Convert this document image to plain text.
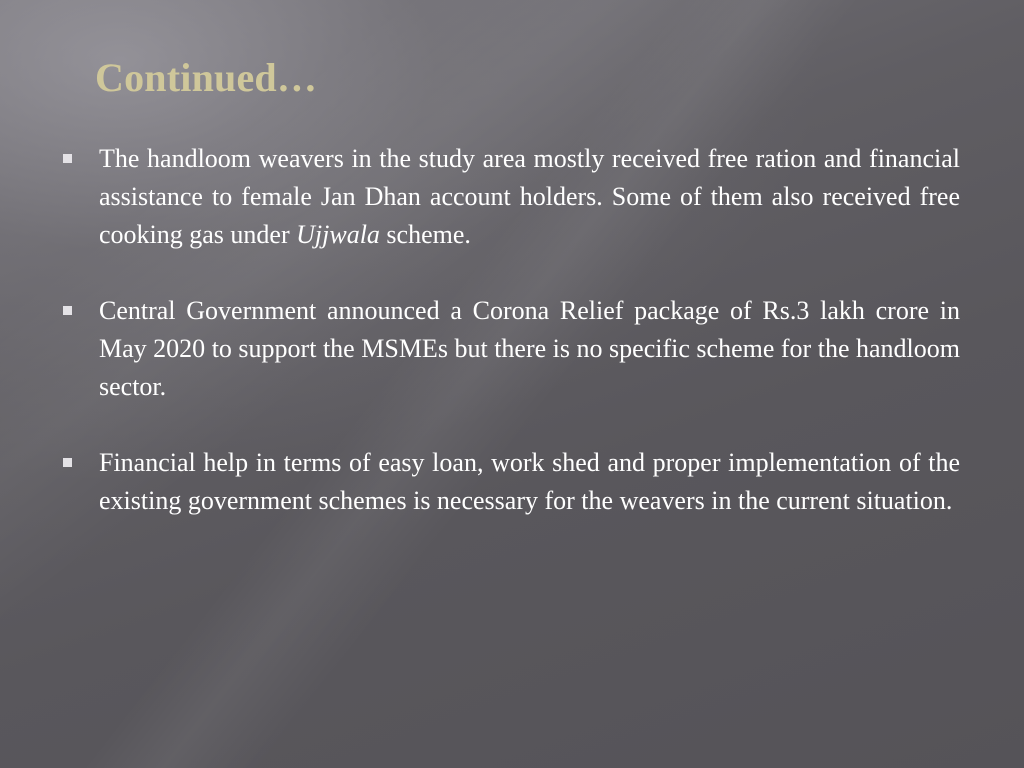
Continued…
The handloom weavers in the study area mostly received free ration and financial assistance to female Jan Dhan account holders. Some of them also received free cooking gas under Ujjwala scheme.
Central Government announced a Corona Relief package of Rs.3 lakh crore in May 2020 to support the MSMEs but there is no specific scheme for the handloom sector.
Financial help in terms of easy loan, work shed and proper implementation of the existing government schemes is necessary for the weavers in the current situation.
